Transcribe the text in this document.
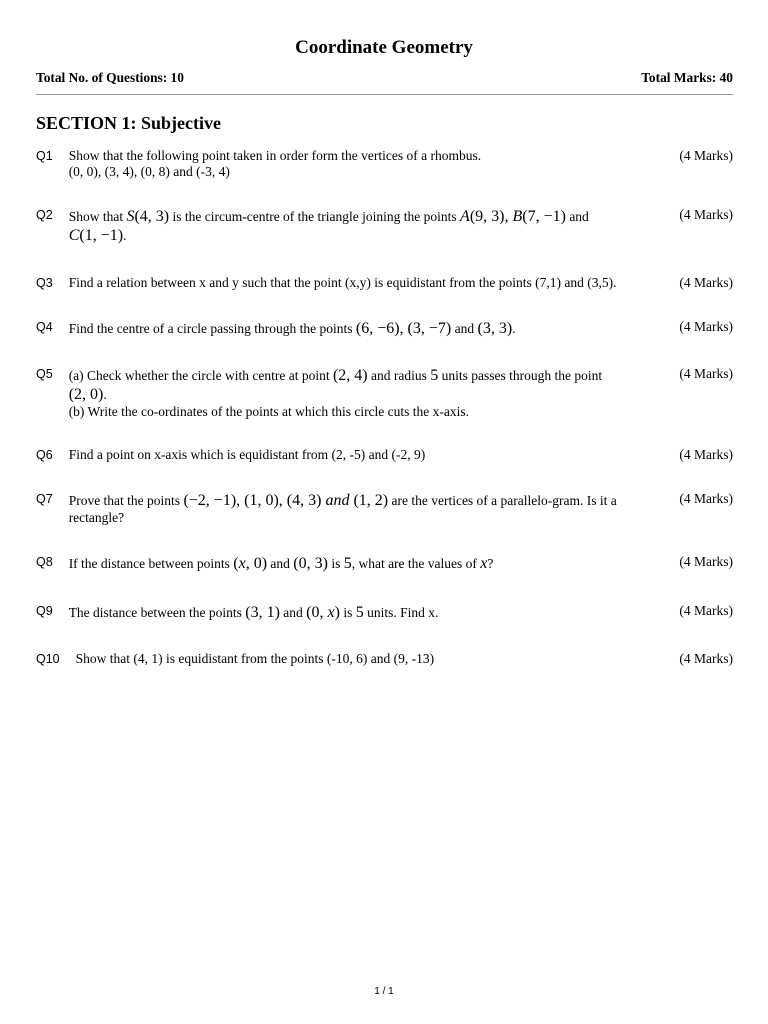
Coordinate Geometry
Total No. of Questions: 10	Total Marks: 40
SECTION 1: Subjective
Q1 Show that the following point taken in order form the vertices of a rhombus.
(0, 0), (3, 4), (0, 8) and (-3, 4)
(4 Marks)
Q2 Show that S(4, 3) is the circum-centre of the triangle joining the points A(9, 3), B(7, −1) and
C(1, −1).
(4 Marks)
Q3 Find a relation between x and y such that the point (x,y) is equidistant from the points (7,1) and (3,5).	(4 Marks)
Q4 Find the centre of a circle passing through the points (6, −6), (3, −7) and (3, 3).	(4 Marks)
Q5 (a) Check whether the circle with centre at point (2, 4) and radius 5 units passes through the point
(2, 0).
(b) Write the co-ordinates of the points at which this circle cuts the x-axis.
(4 Marks)
Q6 Find a point on x-axis which is equidistant from (2, -5) and (-2, 9)	(4 Marks)
Q7 Prove that the points (−2, −1), (1, 0), (4, 3) and (1, 2) are the vertices of a parallelo-gram. Is it a
rectangle?
(4 Marks)
Q8 If the distance between points (x, 0) and (0, 3) is 5, what are the values of x?	(4 Marks)
Q9 The distance between the points (3, 1) and (0, x) is 5 units. Find x.	(4 Marks)
Q10 Show that (4, 1) is equidistant from the points (-10, 6) and (9, -13)	(4 Marks)
1 / 1
